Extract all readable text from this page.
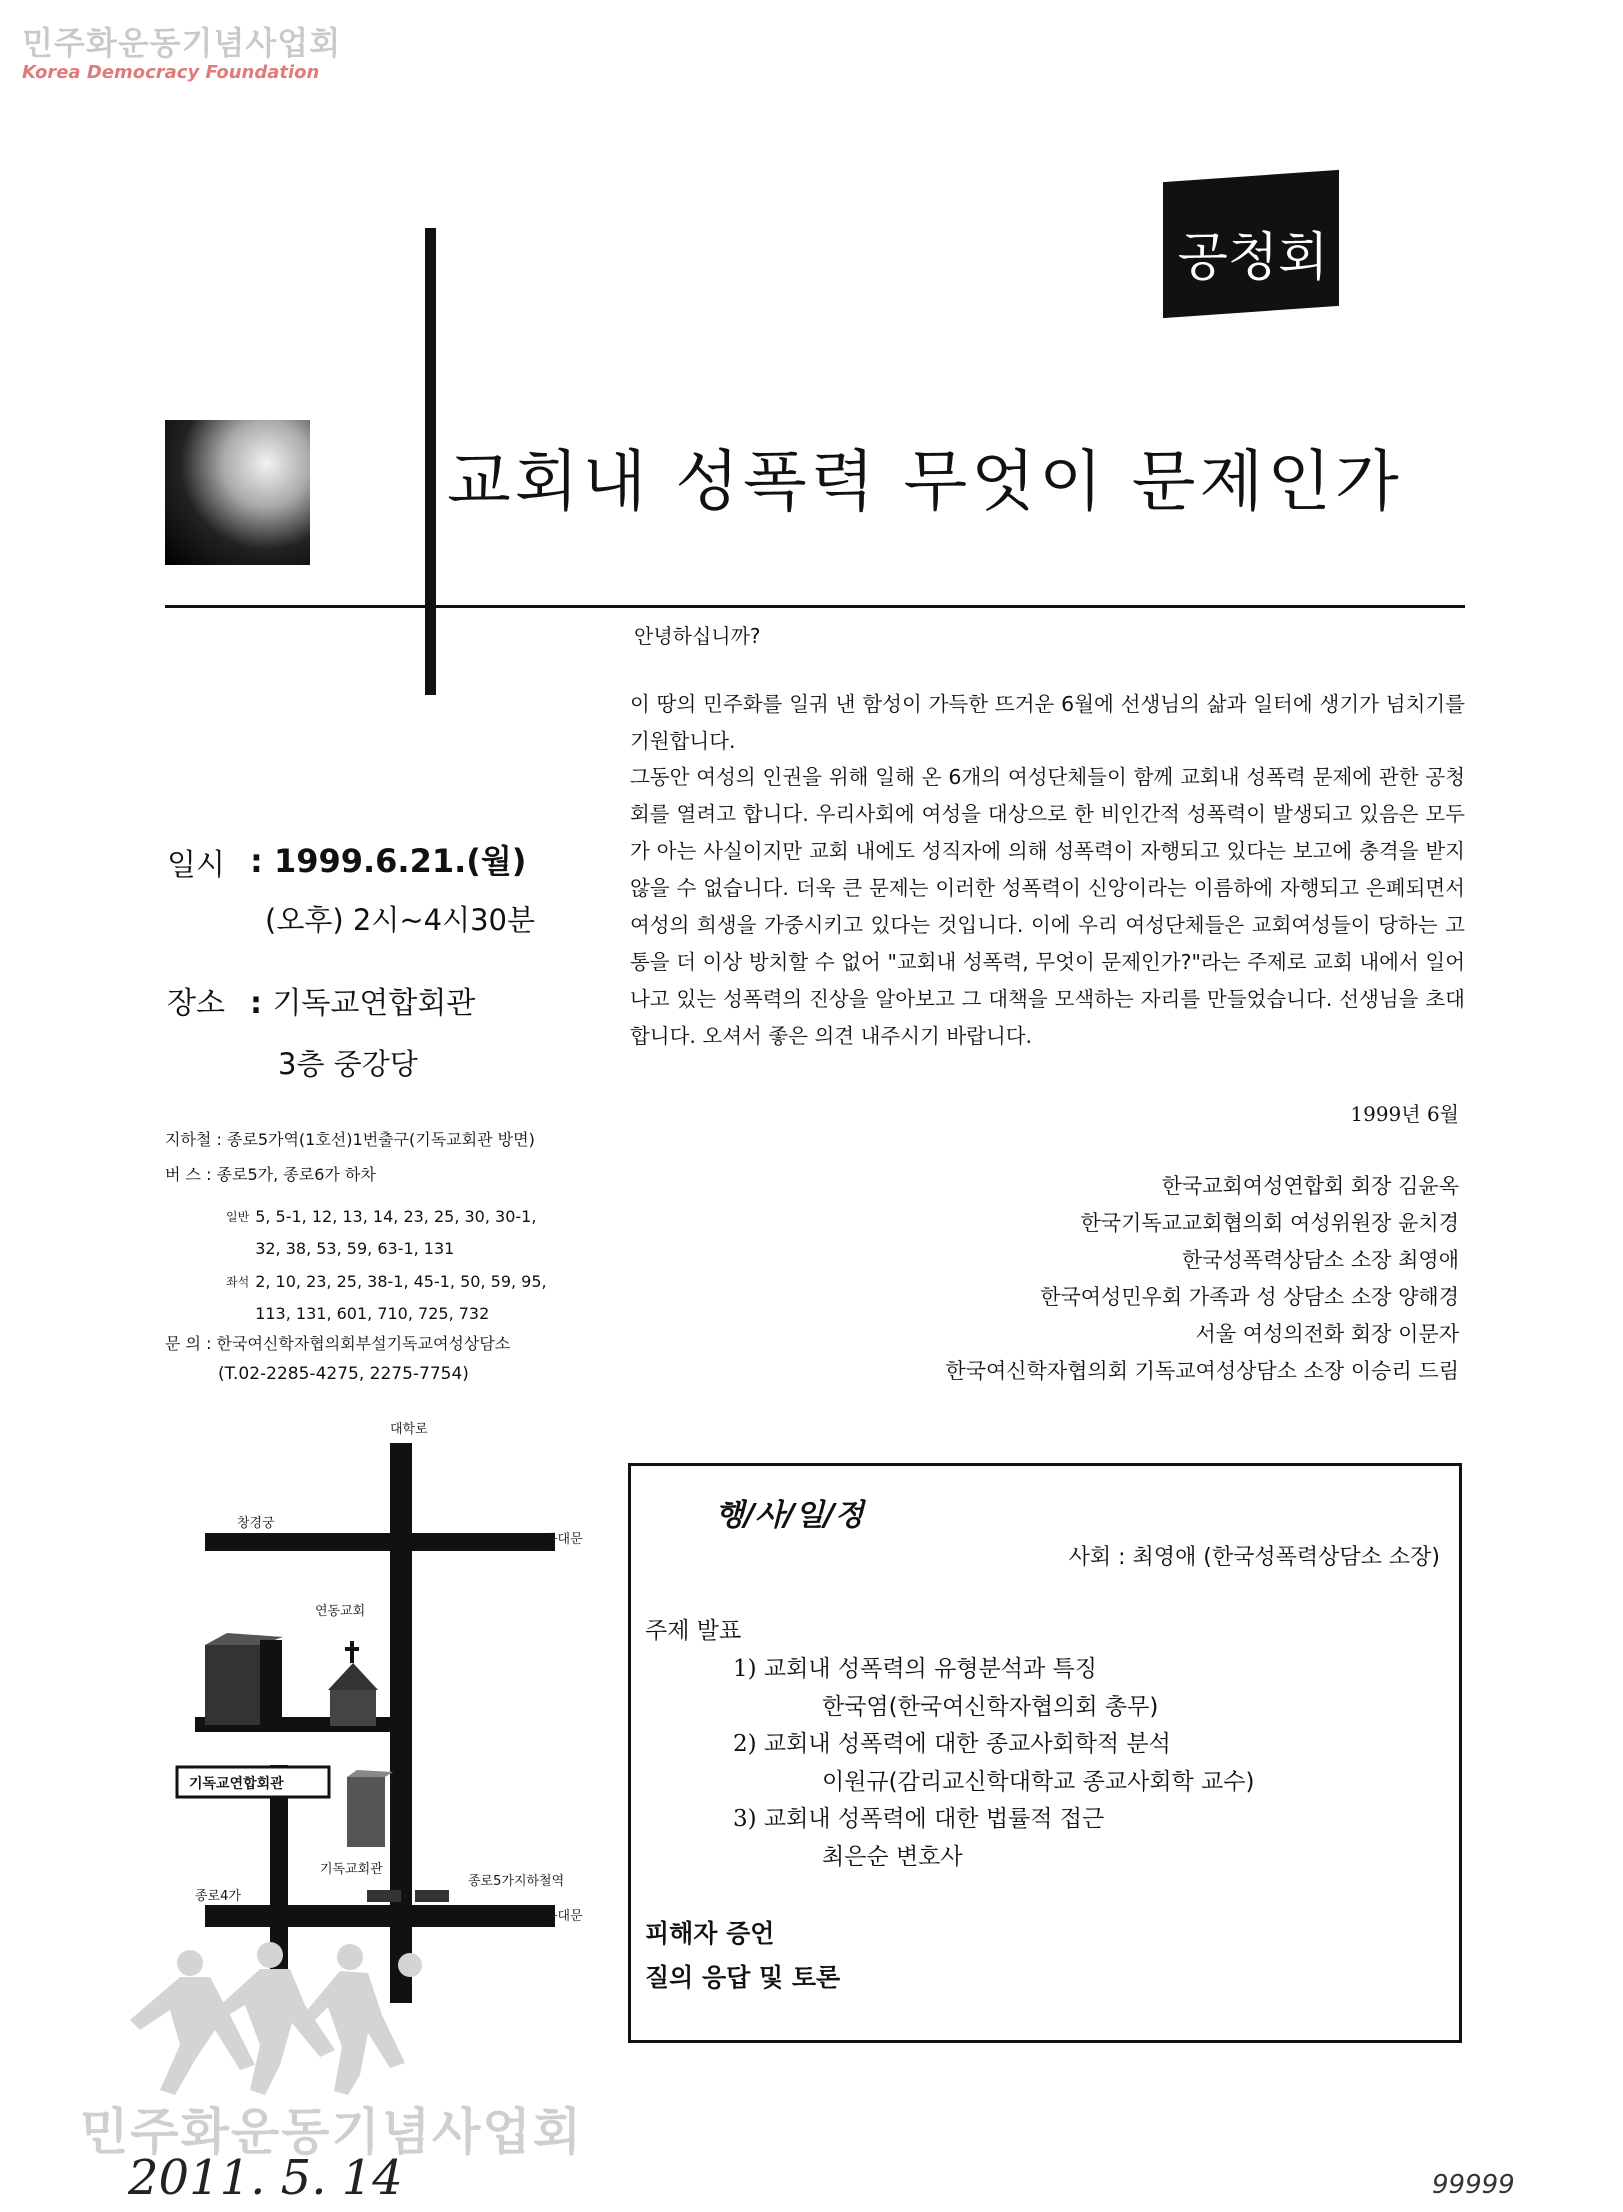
민주화운동기념사업회
Korea Democracy Foundation
공청회
교회내 성폭력 무엇이 문제인가
안녕하십니까?

이 땅의 민주화를 일궈 낸 함성이 가득한 뜨거운 6월에 선생님의 삶과 일터에 생기가 넘치기를 기원합니다.

그동안 여성의 인권을 위해 일해 온 6개의 여성단체들이 함께 교회내 성폭력 문제에 관한 공청회를 열려고 합니다. 우리사회에 여성을 대상으로 한 비인간적 성폭력이 발생되고 있음은 모두가 아는 사실이지만 교회 내에도 성직자에 의해 성폭력이 자행되고 있다는 보고에 충격을 받지 않을 수 없습니다. 더욱 큰 문제는 이러한 성폭력이 신앙이라는 이름하에 자행되고 은폐되면서 여성의 희생을 가중시키고 있다는 것입니다. 이에 우리 여성단체들은 교회여성들이 당하는 고통을 더 이상 방치할 수 없어 "교회내 성폭력, 무엇이 문제인가?"라는 주제로 교회 내에서 일어나고 있는 성폭력의 진상을 알아보고 그 대책을 모색하는 자리를 만들었습니다. 선생님을 초대합니다. 오셔서 좋은 의견 내주시기 바랍니다.

1999년 6월
한국교회여성연합회 회장 김윤옥
한국기독교교회협의회 여성위원장 윤치경
한국성폭력상담소 소장 최영애
한국여성민우회 가족과 성 상담소 소장 양해경
서울 여성의전화 회장 이문자
한국여신학자협의회 기독교여성상담소 소장 이승리 드림
일시 : 1999.6.21.(월)
(오후) 2시~4시30분
장소 : 기독교연합회관
3층 중강당
지하철 : 종로5가역(1호선)1번출구(기독교회관 방면)
버 스 : 종로5가, 종로6가 하차
$^{일반}$ 5, 5-1, 12, 13, 14, 23, 25, 30, 30-1, 32, 38, 53, 59, 63-1, 131
$^{좌석}$ 2, 10, 23, 25, 38-1, 45-1, 50, 59, 95, 113, 131, 601, 710, 725, 732
문 의 : 한국여신학자협의회부설기독교여성상담소
(T.02-2285-4275, 2275-7754)
대학로
창경궁
동대문
연동교회
기독교연합회관
기독교회관
종로5가지하철역
종로4가
동대문
행/사/일/정
사회 : 최영애 (한국성폭력상담소 소장)
주제 발표
1) 교회내 성폭력의 유형분석과 특징
한국염(한국여신학자협의회 총무)
2) 교회내 성폭력에 대한 종교사회학적 분석
이원규(감리교신학대학교 종교사회학 교수)
3) 교회내 성폭력에 대한 법률적 접근
최은순 변호사
피해자 증언
질의 응답 및 토론
민주화운동기념사업회
2011. 5. 14	99999
